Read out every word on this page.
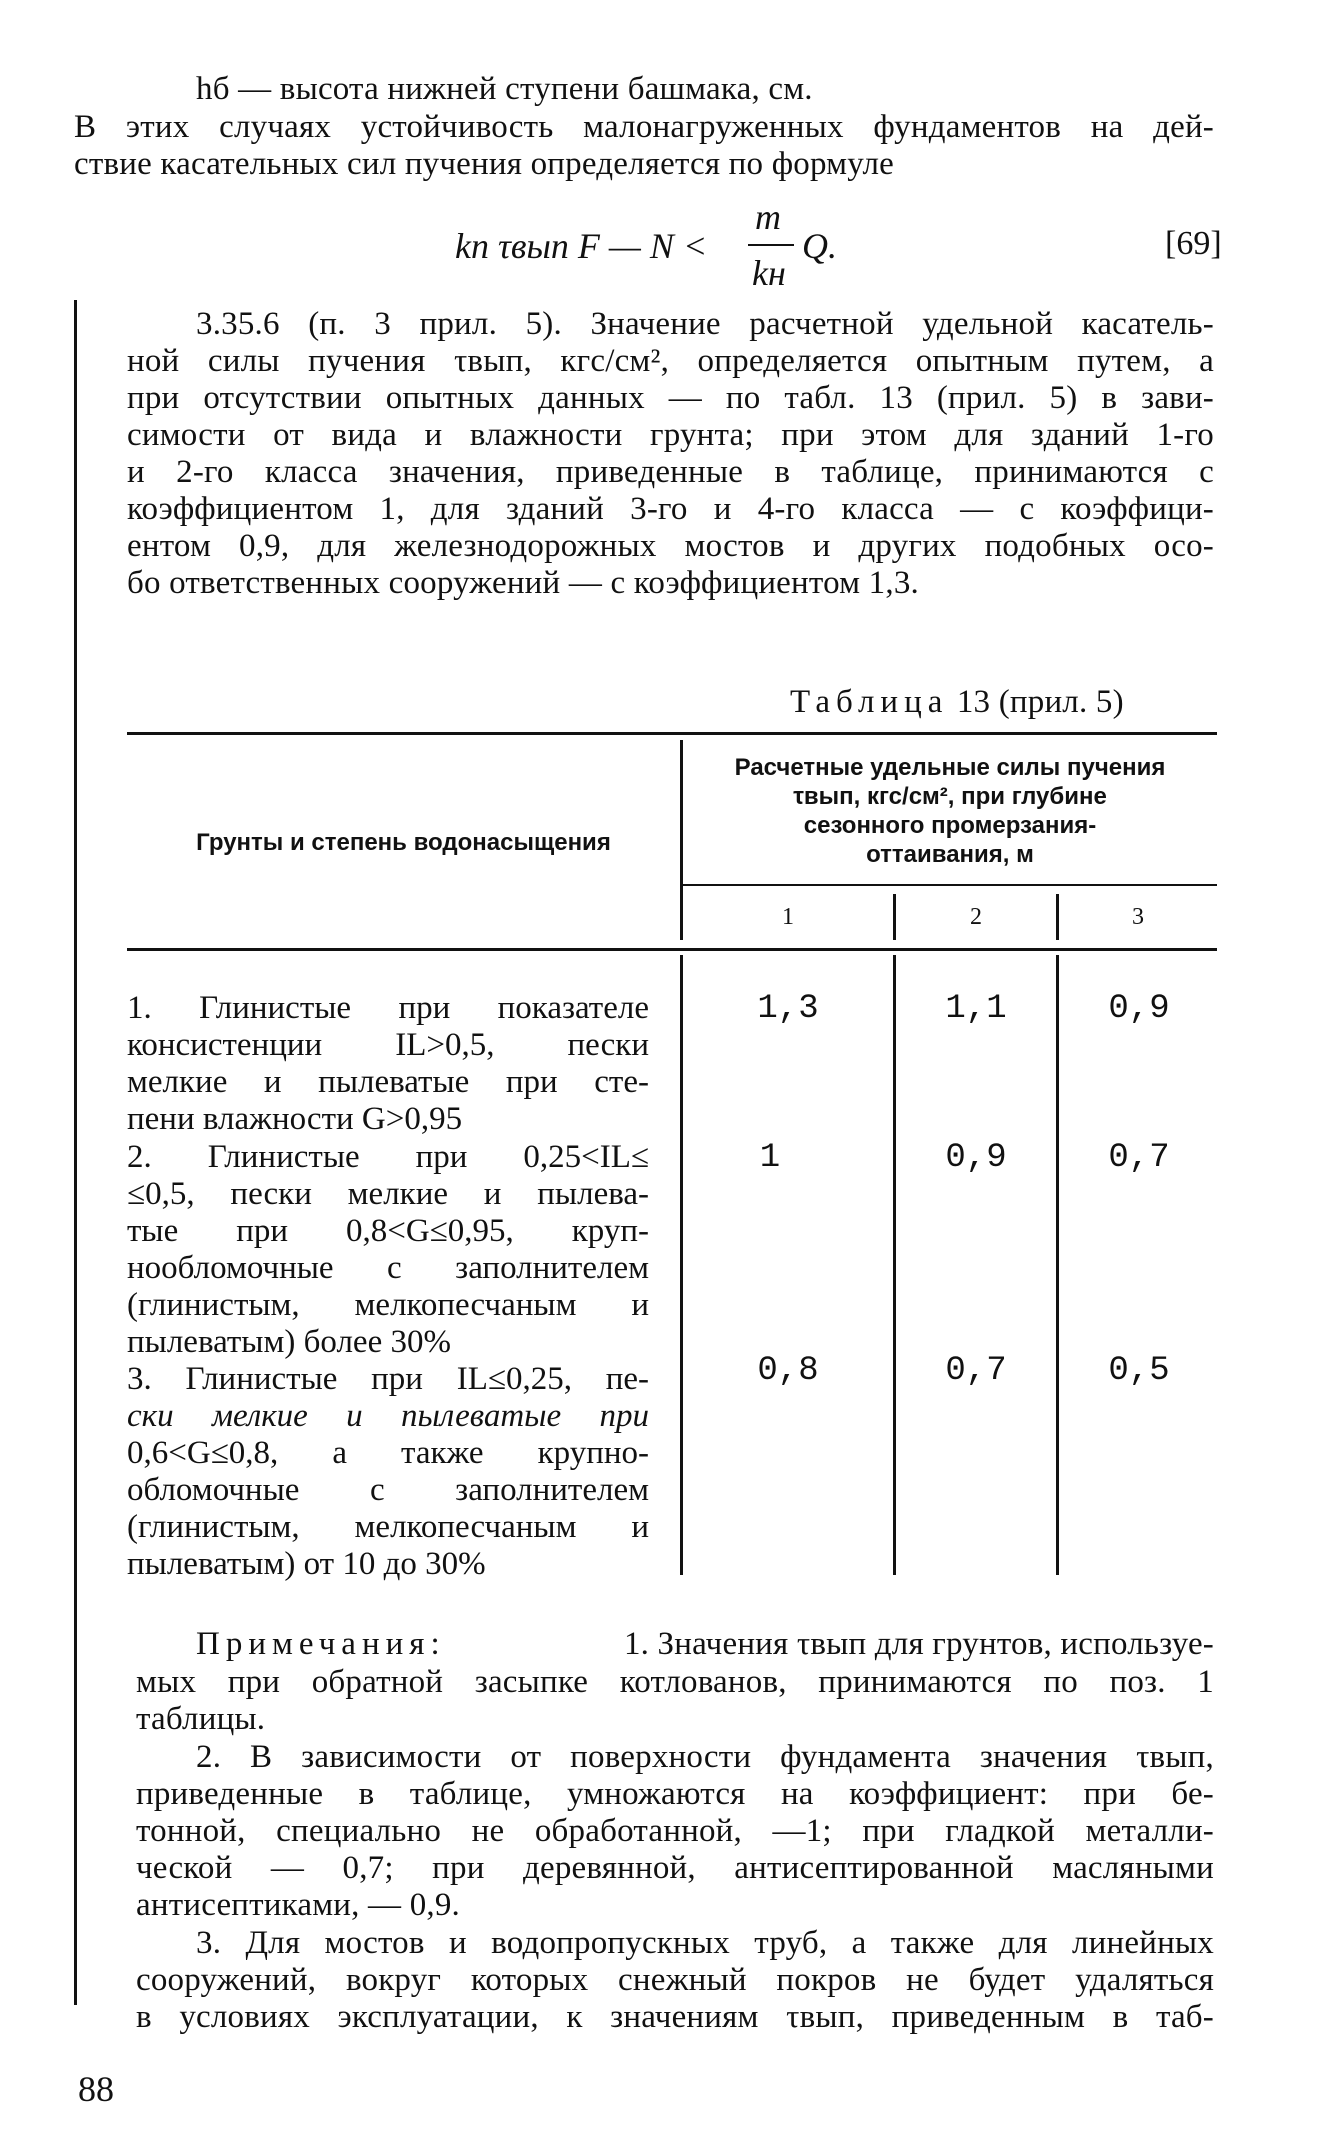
hб — высота нижней ступени башмака, см.
В этих случаях устойчивость малонагруженных фундаментов на дей-
ствие касательных сил пучения определяется по формуле
kп τвып F — N <
m
kн
Q.	[69]
3.35.6 (п. 3 прил. 5). Значение расчетной удельной касатель-
ной силы пучения τвып, кгс/см², определяется опытным путем, а
при отсутствии опытных данных — по табл. 13 (прил. 5) в зави-
симости от вида и влажности грунта; при этом для зданий 1-го
и 2-го класса значения, приведенные в таблице, принимаются с
коэффициентом 1, для зданий 3-го и 4-го класса — с коэффици-
ентом 0,9, для железнодорожных мостов и других подобных осо-
бо ответственных сооружений — с коэффициентом 1,3.
Таблица 13 (прил. 5)
Грунты и степень водонасыщения
Расчетные удельные силы пучения
τвып, кгс/см², при глубине
сезонного промерзания-
оттаивания, м
1	2	3
1. Глинистые при показателе
консистенции IL>0,5, пески
мелкие и пылеватые при сте-
пени влажности G>0,95
1,3	1,1	0,9
2. Глинистые при 0,25<IL≤
≤0,5, пески мелкие и пылева-
тые при 0,8<G≤0,95, круп-
нообломочные с заполнителем
(глинистым, мелкопесчаным и
пылеватым) более 30%
1	0,9	0,7
3. Глинистые при IL≤0,25, пе-
ски мелкие и пылеватые при
0,6<G≤0,8, а также крупно-
обломочные с заполнителем
(глинистым, мелкопесчаным и
пылеватым) от 10 до 30%
0,8	0,7	0,5
Примечания:	1. Значения τвып для грунтов, используе-
мых при обратной засыпке котлованов, принимаются по поз. 1
таблицы.
2. В зависимости от поверхности фундамента значения τвып,
приведенные в таблице, умножаются на коэффициент: при бе-
тонной, специально не обработанной, —1; при гладкой металли-
ческой — 0,7; при деревянной, антисептированной масляными
антисептиками, — 0,9.
3. Для мостов и водопропускных труб, а также для линейных
сооружений, вокруг которых снежный покров не будет удаляться
в условиях эксплуатации, к значениям τвып, приведенным в таб-
88
